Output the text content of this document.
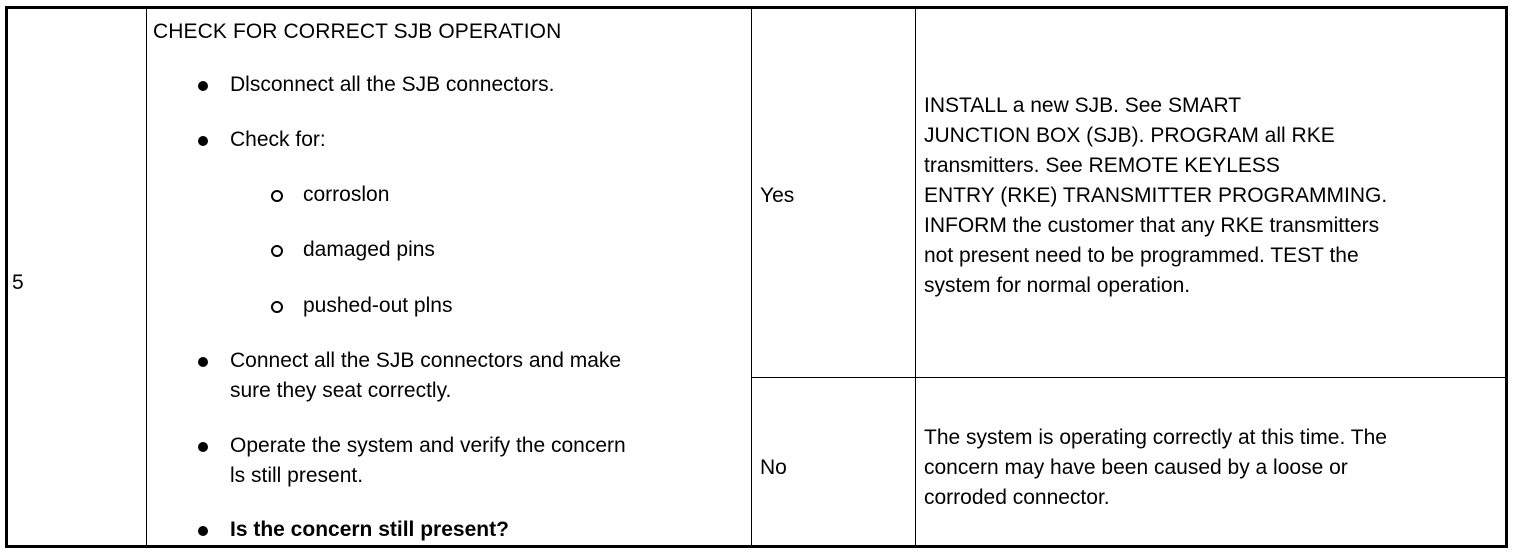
5
CHECK FOR CORRECT SJB OPERATION
Dlsconnect all the SJB connectors.
Check for:
corroslon
damaged pins
pushed-out plns
Connect all the SJB connectors and make
sure they seat correctly.
Operate the system and verify the concern
ls still present.
Is the concern still present?
Yes
INSTALL a new SJB. See SMART
JUNCTION BOX (SJB). PROGRAM all RKE
transmitters. See REMOTE KEYLESS
ENTRY (RKE) TRANSMITTER PROGRAMMING.
INFORM the customer that any RKE transmitters
not present need to be programmed. TEST the
system for normal operation.
No
The system is operating correctly at this time. The
concern may have been caused by a loose or
corroded connector.
